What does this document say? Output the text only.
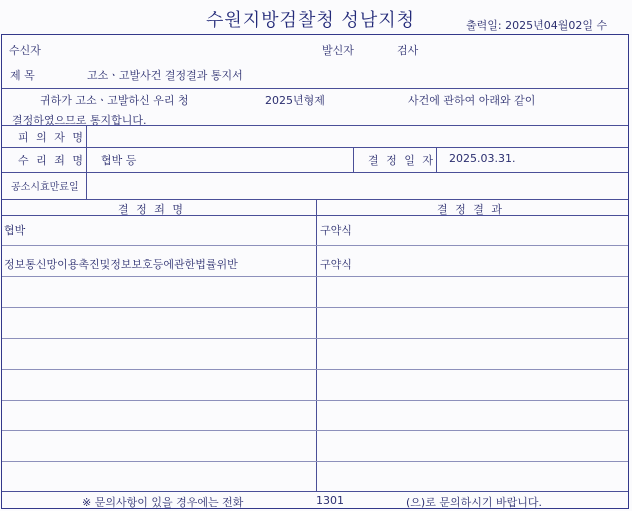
수원지방검찰청 성남지청	출력일: 2025년04월02일 수
수신자	발신자	검사
제 목	고소ㆍ고발사건 결정결과 통지서
귀하가 고소ㆍ고발하신 우리 청	2025년형제	사건에 관하여 아래와 같이
결정하였으므로 통지합니다.
피 의 자 명
수 리 죄 명 협박 등	결 정 일 자 2025.03.31.
공소시효만료일
결 정 죄 명	결 정 결 과
협박	구약식
정보통신망이용촉진및정보보호등에관한법률위반	구약식
※ 문의사항이 있을 경우에는 전화	1301	(으)로 문의하시기 바랍니다.
